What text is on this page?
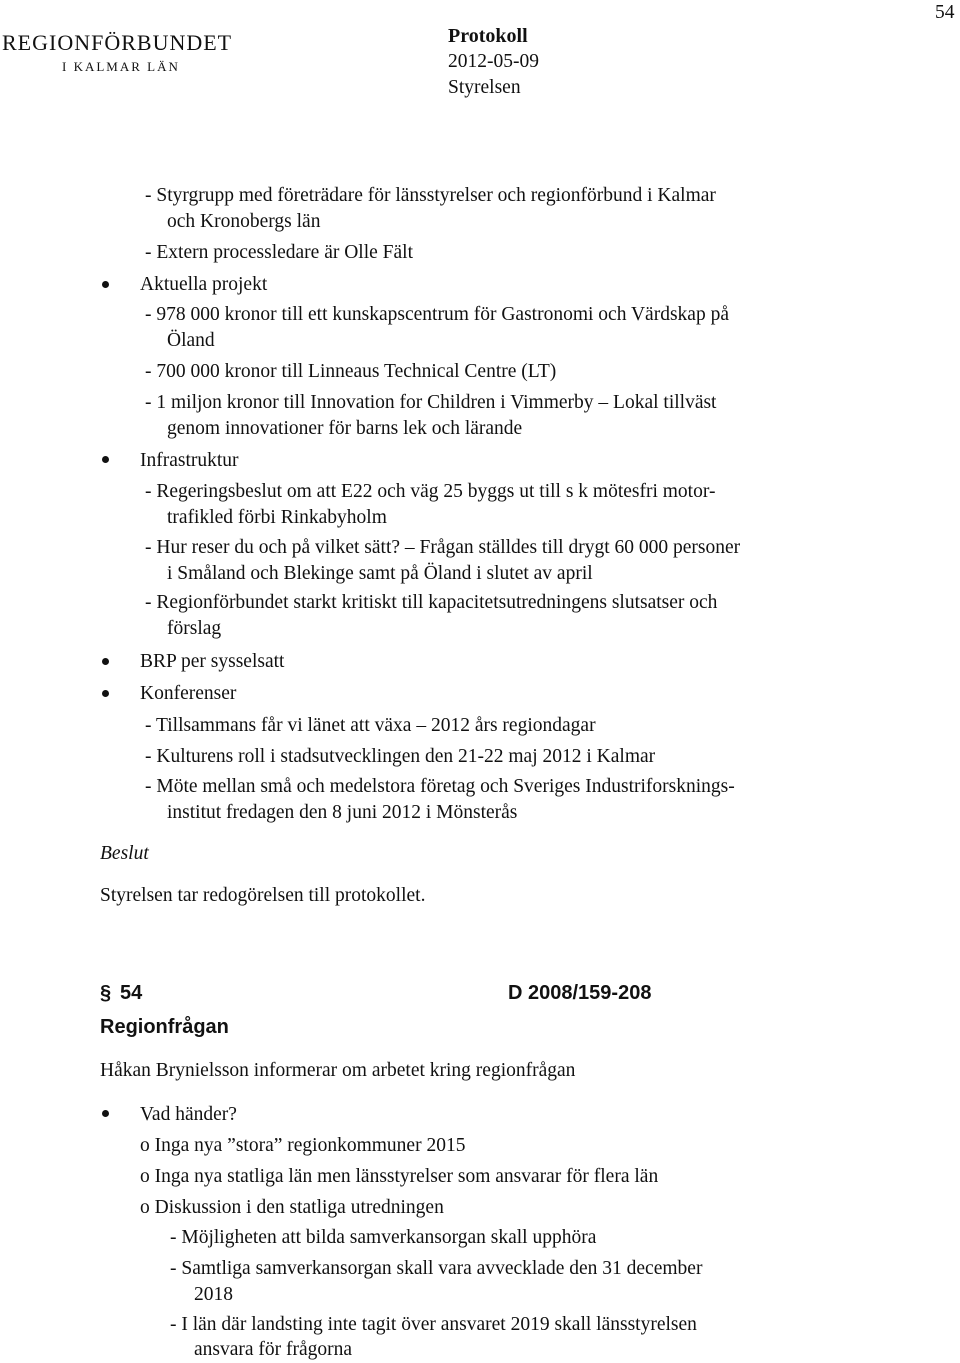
54
REGIONFÖRBUNDET
I KALMAR LÄN
Protokoll
2012-05-09
Styrelsen
- Styrgrupp med företrädare för länsstyrelser och regionförbund i Kalmar
och Kronobergs län
- Extern processledare är Olle Fält
Aktuella projekt
- 978 000 kronor till ett kunskapscentrum för Gastronomi och Värdskap på
Öland
- 700 000 kronor till Linneaus Technical Centre (LT)
- 1 miljon kronor till Innovation for Children i Vimmerby – Lokal tillväst
genom innovationer för barns lek och lärande
Infrastruktur
- Regeringsbeslut om att E22 och väg 25 byggs ut till s k mötesfri motor-
trafikled förbi Rinkabyholm
- Hur reser du och på vilket sätt? – Frågan ställdes till drygt 60 000 personer
i Småland och Blekinge samt på Öland i slutet av april
- Regionförbundet starkt kritiskt till kapacitetsutredningens slutsatser och
förslag
BRP per sysselsatt
Konferenser
- Tillsammans får vi länet att växa – 2012 års regiondagar
- Kulturens roll i stadsutvecklingen den 21-22 maj 2012 i Kalmar
- Möte mellan små och medelstora företag och Sveriges Industriforsknings-
institut fredagen den 8 juni 2012 i Mönsterås
Beslut
Styrelsen tar redogörelsen till protokollet.
§ 54	D 2008/159-208
Regionfrågan
Håkan Brynielsson informerar om arbetet kring regionfrågan
Vad händer?
o Inga nya ”stora” regionkommuner 2015
o Inga nya statliga län men länsstyrelser som ansvarar för flera län
o Diskussion i den statliga utredningen
- Möjligheten att bilda samverkansorgan skall upphöra
- Samtliga samverkansorgan skall vara avvecklade den 31 december
2018
- I län där landsting inte tagit över ansvaret 2019 skall länsstyrelsen
ansvara för frågorna
